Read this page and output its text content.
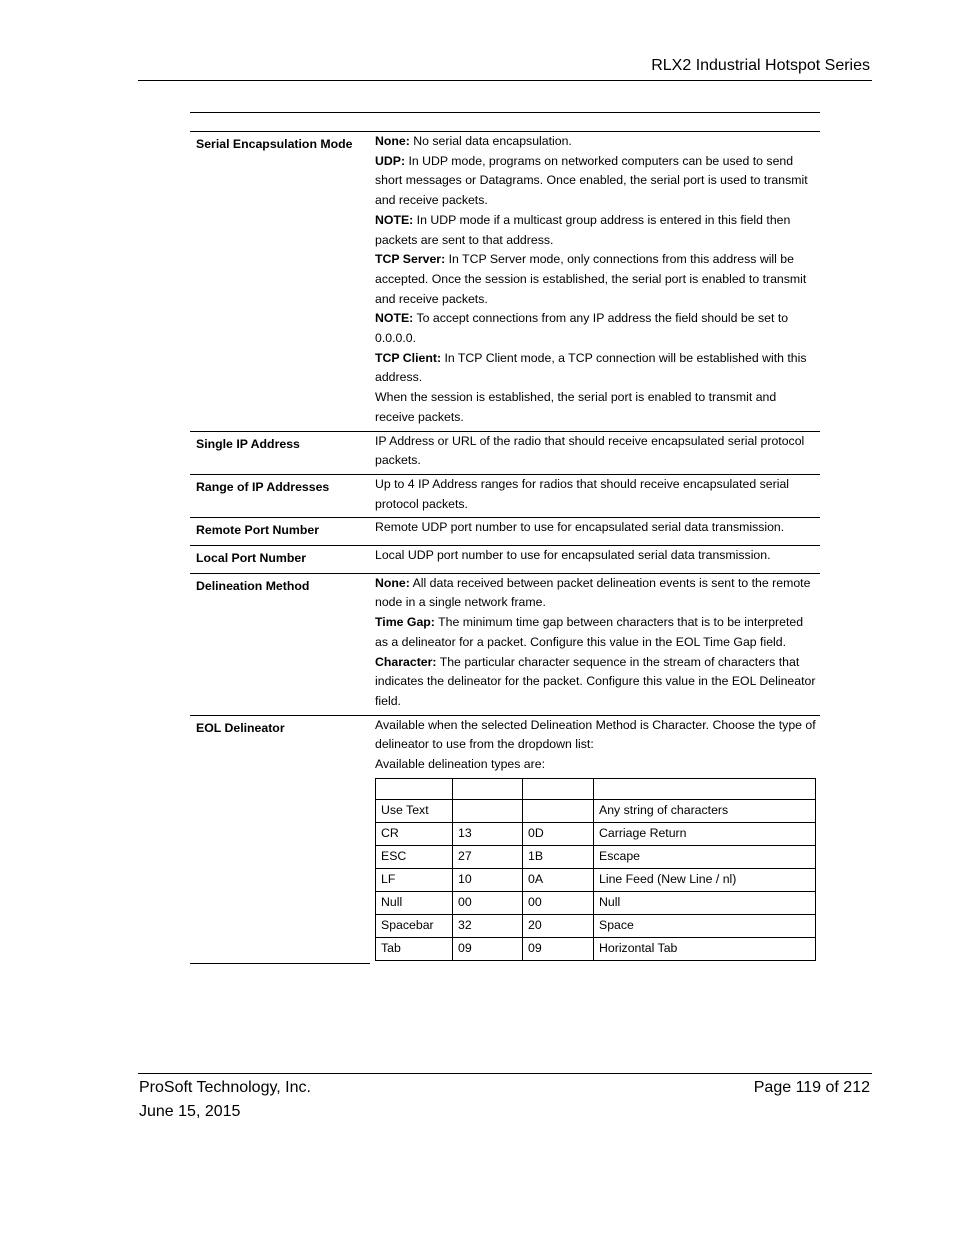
RLX2 Industrial Hotspot Series

Serial Encapsulation Mode	None: No serial data encapsulation.
UDP: In UDP mode, programs on networked computers can be used to send short messages or Datagrams. Once enabled, the serial port is used to transmit and receive packets.
NOTE: In UDP mode if a multicast group address is entered in this field then packets are sent to that address.
TCP Server: In TCP Server mode, only connections from this address will be accepted. Once the session is established, the serial port is enabled to transmit and receive packets.
NOTE: To accept connections from any IP address the field should be set to 0.0.0.0.
TCP Client: In TCP Client mode, a TCP connection will be established with this address.
When the session is established, the serial port is enabled to transmit and receive packets.

Single IP Address	IP Address or URL of the radio that should receive encapsulated serial protocol packets.

Range of IP Addresses	Up to 4 IP Address ranges for radios that should receive encapsulated serial protocol packets.

Remote Port Number	Remote UDP port number to use for encapsulated serial data transmission.

Local Port Number	Local UDP port number to use for encapsulated serial data transmission.

Delineation Method	None: All data received between packet delineation events is sent to the remote node in a single network frame.
Time Gap: The minimum time gap between characters that is to be interpreted as a delineator for a packet. Configure this value in the EOL Time Gap field.
Character: The particular character sequence in the stream of characters that indicates the delineator for the packet. Configure this value in the EOL Delineator field.

EOL Delineator	Available when the selected Delineation Method is Character. Choose the type of delineator to use from the dropdown list:
Available delineation types are:

Use Text			Any string of characters
CR	13	0D	Carriage Return
ESC	27	1B	Escape
LF	10	0A	Line Feed (New Line / nl)
Null	00	00	Null
Spacebar	32	20	Space
Tab	09	09	Horizontal Tab
ProSoft Technology, Inc.
June 15, 2015
Page 119 of 212
